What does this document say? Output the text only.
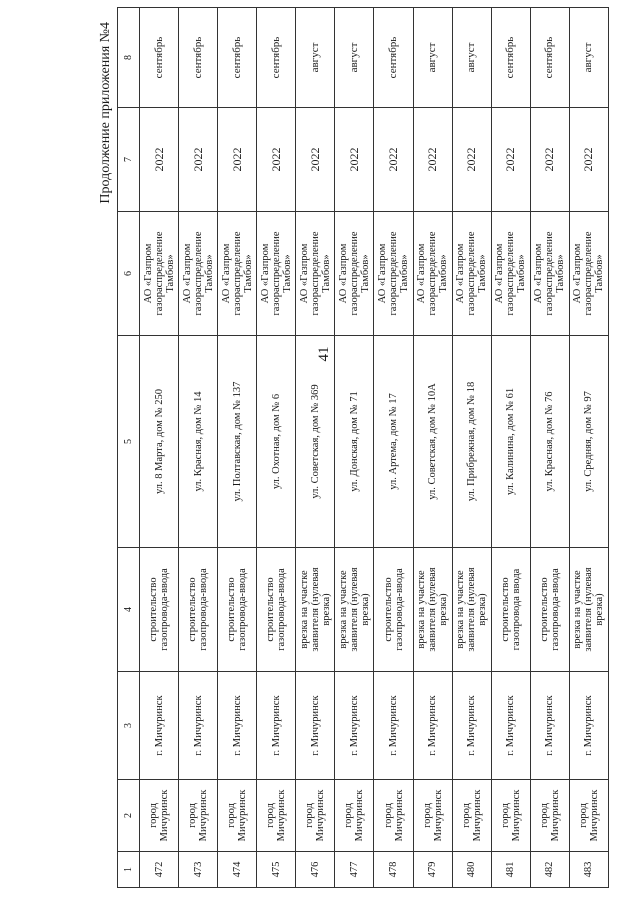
41
Продолжение приложения №4
1	2	3	4	5	6	7	8
472	город Мичуринск	г. Мичуринск	строительство газопровода-ввода	ул. 8 Марта, дом № 250	АО «Газпром газораспределение Тамбов»	2022	сентябрь
473	город Мичуринск	г. Мичуринск	строительство газопровода-ввода	ул. Красная, дом № 14	АО «Газпром газораспределение Тамбов»	2022	сентябрь
474	город Мичуринск	г. Мичуринск	строительство газопровода-ввода	ул. Полтавская, дом № 137	АО «Газпром газораспределение Тамбов»	2022	сентябрь
475	город Мичуринск	г. Мичуринск	строительство газопровода-ввода	ул. Охотная, дом № 6	АО «Газпром газораспределение Тамбов»	2022	сентябрь
476	город Мичуринск	г. Мичуринск	врезка на участке заявителя (нулевая врезка)	ул. Советская, дом № 369	АО «Газпром газораспределение Тамбов»	2022	август
477	город Мичуринск	г. Мичуринск	врезка на участке заявителя (нулевая врезка)	ул. Донская, дом № 71	АО «Газпром газораспределение Тамбов»	2022	август
478	город Мичуринск	г. Мичуринск	строительство газопровода-ввода	ул. Артема, дом № 17	АО «Газпром газораспределение Тамбов»	2022	сентябрь
479	город Мичуринск	г. Мичуринск	врезка на участке заявителя (нулевая врезка)	ул. Советская, дом № 10А	АО «Газпром газораспределение Тамбов»	2022	август
480	город Мичуринск	г. Мичуринск	врезка на участке заявителя (нулевая врезка)	ул. Прибрежная, дом № 18	АО «Газпром газораспределение Тамбов»	2022	август
481	город Мичуринск	г. Мичуринск	строительство газопровода ввода	ул. Калинина, дом № 61	АО «Газпром газораспределение Тамбов»	2022	сентябрь
482	город Мичуринск	г. Мичуринск	строительство газопровода-ввода	ул. Красная, дом № 76	АО «Газпром газораспределение Тамбов»	2022	сентябрь
483	город Мичуринск	г. Мичуринск	врезка на участке заявителя (нулевая врезка)	ул. Средняя, дом № 97	АО «Газпром газораспределение Тамбов»	2022	август
